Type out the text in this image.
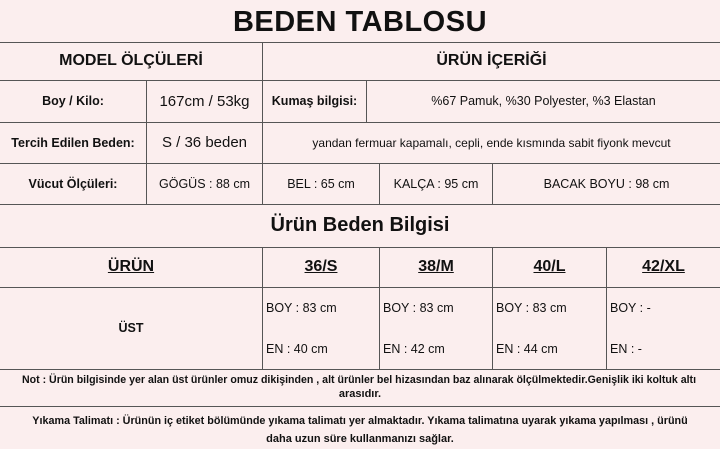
BEDEN TABLOSU
MODEL ÖLÇÜLERİ	ÜRÜN İÇERİĞİ
Boy / Kilo:	167cm / 53kg	Kumaş bilgisi:	%67 Pamuk, %30 Polyester, %3 Elastan
Tercih Edilen Beden:	S / 36 beden	yandan fermuar kapamalı, cepli, ende kısmında sabit fiyonk mevcut
Vücut Ölçüleri:	GÖGÜS : 88 cm	BEL : 65 cm	KALÇA : 95 cm	BACAK BOYU : 98 cm
Ürün Beden Bilgisi
ÜRÜN	36/S	38/M	40/L	42/XL
ÜST
BOY : 83 cm	BOY : 83 cm	BOY : 83 cm	BOY : -
EN : 40 cm	EN : 42 cm	EN : 44 cm	EN : -
Not : Ürün bilgisinde yer alan üst ürünler omuz dikişinden , alt ürünler bel hizasından baz alınarak ölçülmektedir.Genişlik iki koltuk altı
arasıdır.
Yıkama Talimatı : Ürünün iç etiket bölümünde yıkama talimatı yer almaktadır. Yıkama talimatına uyarak yıkama yapılması , ürünü
daha uzun süre kullanmanızı sağlar.
